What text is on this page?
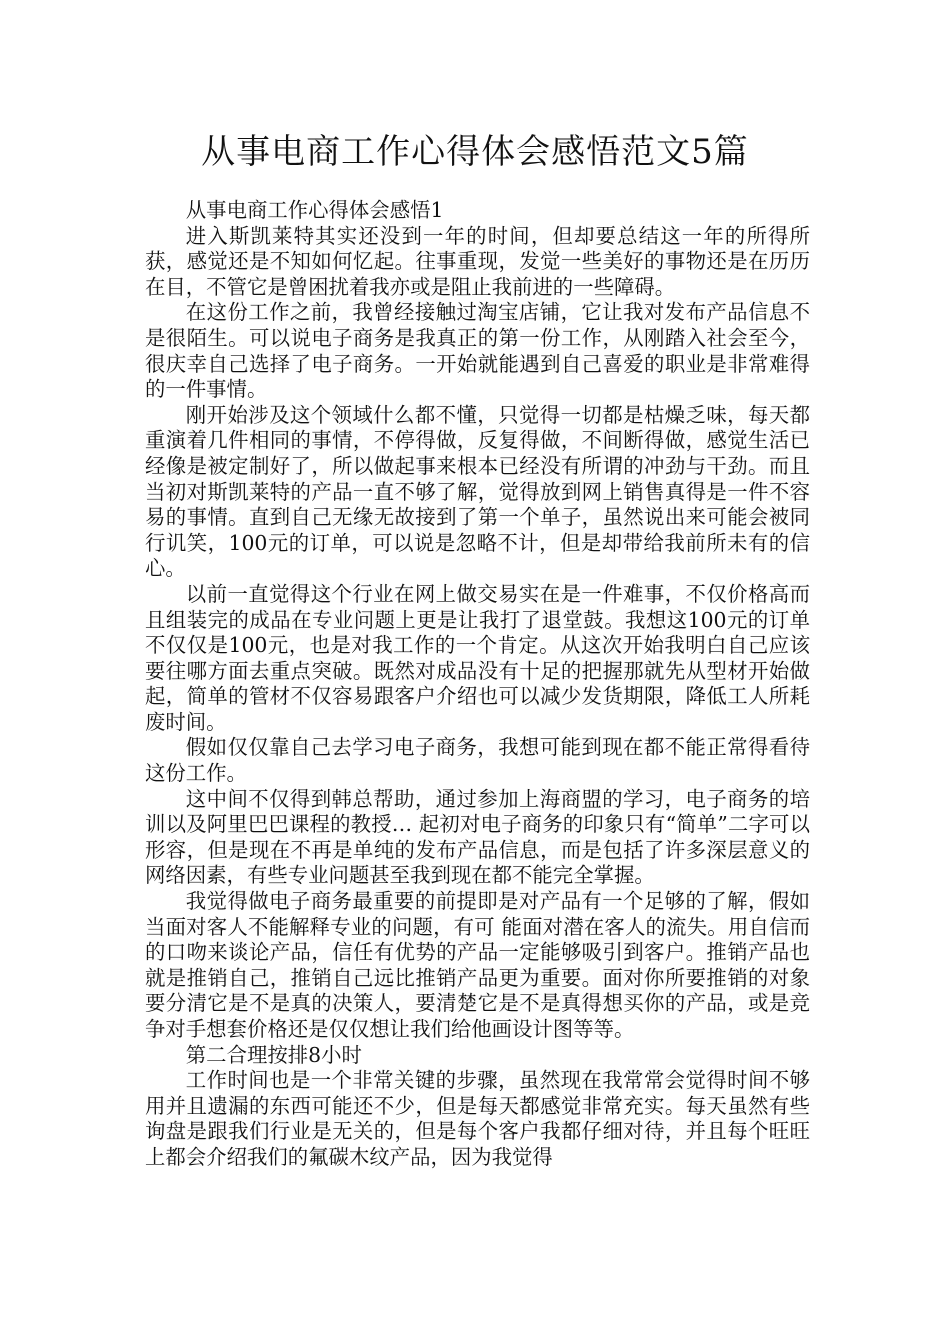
从事电商工作心得体会感悟范文5篇

从事电商工作心得体会感悟1

进入斯凯莱特其实还没到一年的时间，但却要总结这一年的所得所获，感觉还是不知如何忆起。往事重现，发觉一些美好的事物还是在历历在目，不管它是曾困扰着我亦或是阻止我前进的一些障碍。

在这份工作之前，我曾经接触过淘宝店铺，它让我对发布产品信息不是很陌生。可以说电子商务是我真正的第一份工作，从刚踏入社会至今，很庆幸自己选择了电子商务。一开始就能遇到自己喜爱的职业是非常难得的一件事情。

刚开始涉及这个领域什么都不懂，只觉得一切都是枯燥乏味，每天都重演着几件相同的事情，不停得做，反复得做，不间断得做，感觉生活已经像是被定制好了，所以做起事来根本已经没有所谓的冲劲与干劲。而且当初对斯凯莱特的产品一直不够了解，觉得放到网上销售真得是一件不容易的事情。直到自己无缘无故接到了第一个单子，虽然说出来可能会被同行讥笑，100元的订单，可以说是忽略不计，但是却带给我前所未有的信心。

以前一直觉得这个行业在网上做交易实在是一件难事，不仅价格高而且组装完的成品在专业问题上更是让我打了退堂鼓。我想这100元的订单不仅仅是100元，也是对我工作的一个肯定。从这次开始我明白自己应该要往哪方面去重点突破。既然对成品没有十足的把握那就先从型材开始做起，简单的管材不仅容易跟客户介绍也可以减少发货期限，降低工人所耗废时间。

假如仅仅靠自己去学习电子商务，我想可能到现在都不能正常得看待这份工作。

这中间不仅得到韩总帮助，通过参加上海商盟的学习，电子商务的培训以及阿里巴巴课程的教授… 起初对电子商务的印象只有“简单”二字可以形容，但是现在不再是单纯的发布产品信息，而是包括了许多深层意义的网络因素，有些专业问题甚至我到现在都不能完全掌握。

我觉得做电子商务最重要的前提即是对产品有一个足够的了解，假如当面对客人不能解释专业的问题，有可 能面对潜在客人的流失。用自信而的口吻来谈论产品，信任有优势的产品一定能够吸引到客户。推销产品也就是推销自己，推销自己远比推销产品更为重要。面对你所要推销的对象要分清它是不是真的决策人，要清楚它是不是真得想买你的产品，或是竞争对手想套价格还是仅仅想让我们给他画设计图等等。

第二合理按排8小时

工作时间也是一个非常关键的步骤，虽然现在我常常会觉得时间不够用并且遗漏的东西可能还不少，但是每天都感觉非常充实。每天虽然有些询盘是跟我们行业是无关的，但是每个客户我都仔细对待，并且每个旺旺上都会介绍我们的氟碳木纹产品，因为我觉得
